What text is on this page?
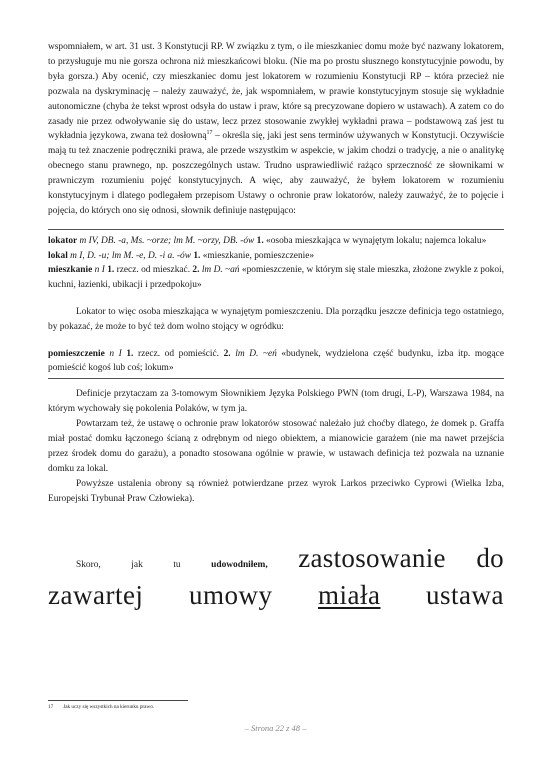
wspomniałem, w art. 31 ust. 3 Konstytucji RP. W związku z tym, o ile mieszkaniec domu może być nazwany lokatorem, to przysługuje mu nie gorsza ochrona niż mieszkańcowi bloku. (Nie ma po prostu słusznego konstytucyjnie powodu, by była gorsza.) Aby ocenić, czy mieszkaniec domu jest lokatorem w rozumieniu Konstytucji RP – która przecież nie pozwala na dyskryminację – należy zauważyć, że, jak wspomniałem, w prawie konstytucyjnym stosuje się wykładnie autonomiczne (chyba że tekst wprost odsyła do ustaw i praw, które są precyzowane dopiero w ustawach). A zatem co do zasady nie przez odwoływanie się do ustaw, lecz przez stosowanie zwykłej wykładni prawa – podstawową zaś jest tu wykładnia językowa, zwana też dosłowną$^{17}$ – określa się, jaki jest sens terminów używanych w Konstytucji. Oczywiście mają tu też znaczenie podręczniki prawa, ale przede wszystkim w aspekcie, w jakim chodzi o tradycję, a nie o analitykę obecnego stanu prawnego, np. poszczególnych ustaw. Trudno usprawiedliwić rażąco sprzeczność ze słownikami w prawniczym rozumieniu pojęć konstytucyjnych. A więc, aby zauważyć, że byłem lokatorem w rozumieniu konstytucyjnym i dlatego podlegałem przepisom Ustawy o ochronie praw lokatorów, należy zauważyć, że to pojęcie i pojęcia, do których ono się odnosi, słownik definiuje następująco:

lokator m IV, DB. -a, Ms. ~orze; lm M. ~orzy, DB. -ów 1. «osoba mieszkająca w wynajętym lokalu; najemca lokalu»

lokal m I, D. -u; lm M. -e, D. -i a. -ów 1. «mieszkanie, pomieszczenie»

mieszkanie n I 1. rzecz. od mieszkać. 2. lm D. ~ań «pomieszczenie, w którym się stale mieszka, złożone zwykle z pokoi, kuchni, łazienki, ubikacji i przedpokoju»

Lokator to więc osoba mieszkająca w wynajętym pomieszczeniu. Dla porządku jeszcze definicja tego ostatniego, by pokazać, że może to być też dom wolno stojący w ogródku:

pomieszczenie n I 1. rzecz. od pomieścić. 2. lm D. ~eń «budynek, wydzielona część budynku, izba itp. mogące pomieścić kogoś lub coś; lokum»

Definicje przytaczam za 3-tomowym Słownikiem Języka Polskiego PWN (tom drugi, L-P), Warszawa 1984, na którym wychowały się pokolenia Polaków, w tym ja.

Powtarzam też, że ustawę o ochronie praw lokatorów stosować należało już choćby dlatego, że domek p. Graffa miał postać domku łączonego ścianą z odrębnym od niego obiektem, a mianowicie garażem (nie ma nawet przejścia przez środek domu do garażu), a ponadto stosowana ogólnie w prawie, w ustawach definicja też pozwala na uznanie domku za lokal.

Powyższe ustalenia obrony są również potwierdzane przez wyrok Larkos przeciwko Cyprowi (Wielka Izba, Europejski Trybunał Praw Człowieka).

Skoro,	jak	tu	udowodniłem, zastosowanie do
zawartej umowy miała ustawa
17 Jak uczy się wszystkich na kierunku prawo.
– Strona 22 z 48 –
